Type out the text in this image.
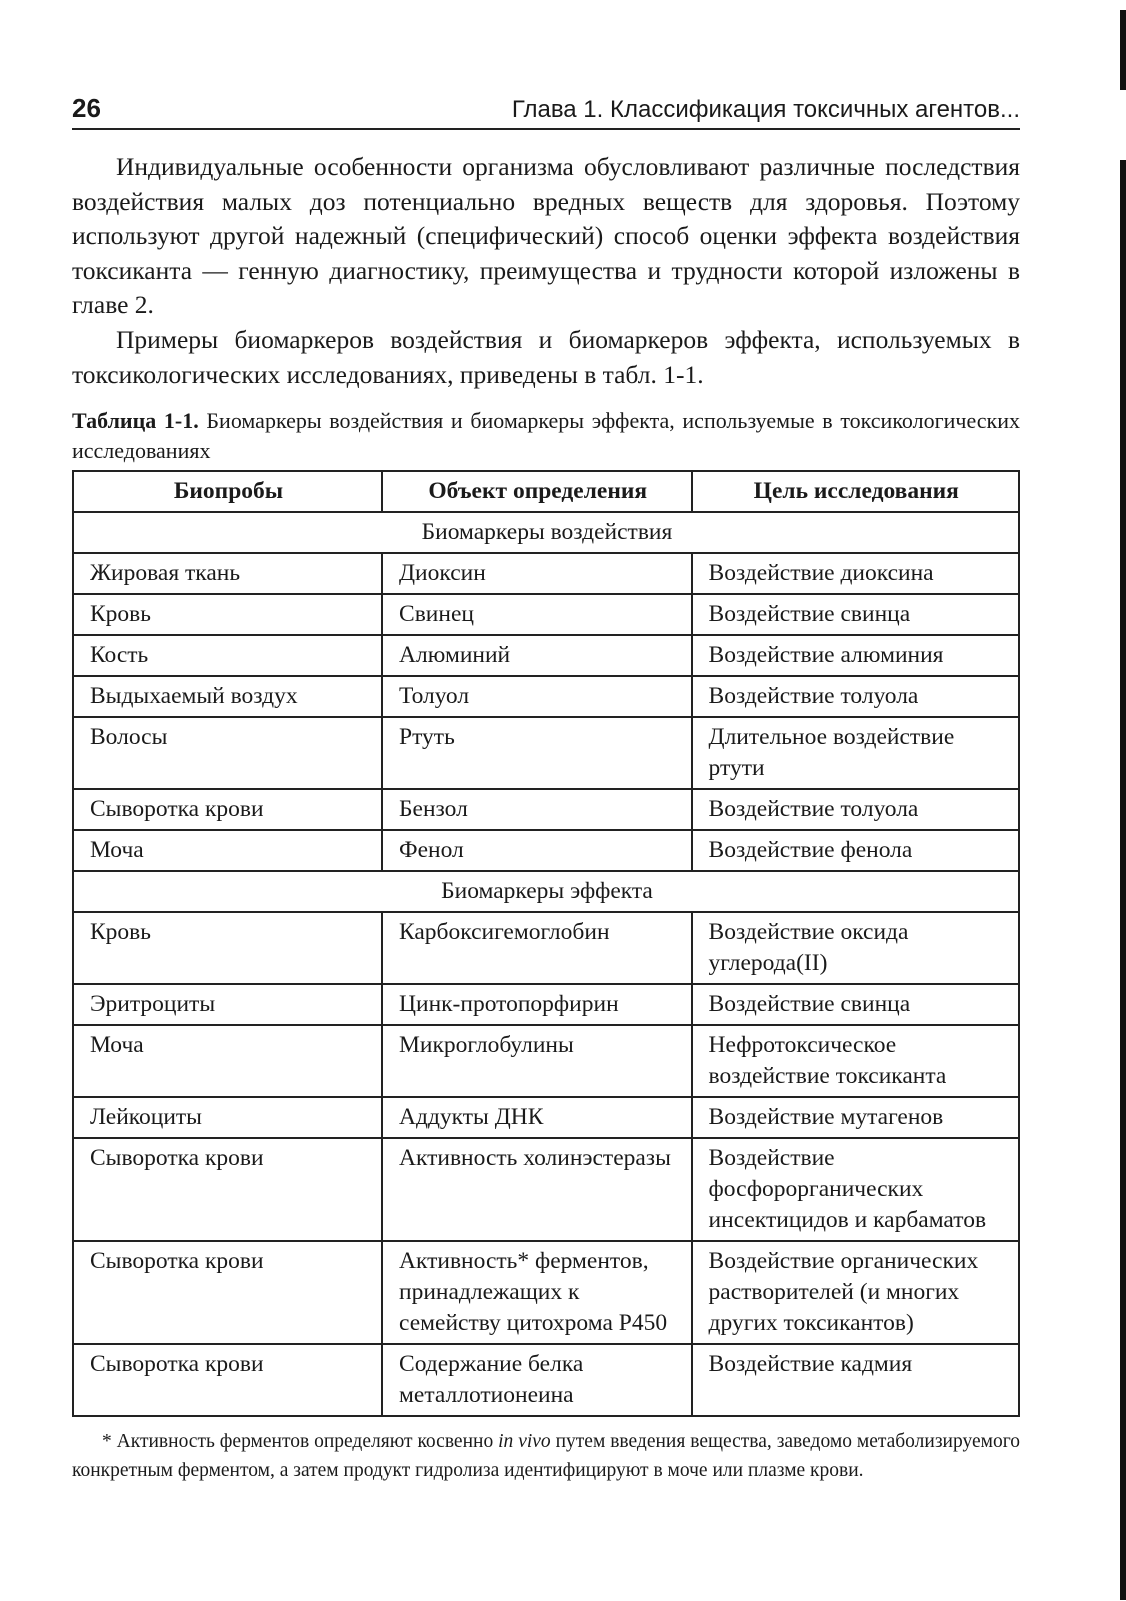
26	Глава 1. Классификация токсичных агентов...

Индивидуальные особенности организма обусловливают различные последствия воздействия малых доз потенциально вредных веществ для здоровья. Поэтому используют другой надежный (специфический) способ оценки эффекта воздействия токсиканта — генную диагностику, преимущества и трудности которой изложены в главе 2.

Примеры биомаркеров воздействия и биомаркеров эффекта, используемых в токсикологических исследованиях, приведены в табл. 1-1.

Таблица 1-1. Биомаркеры воздействия и биомаркеры эффекта, используемые в токсикологических исследованиях
Биопробы	Объект определения	Цель исследования
Биомаркеры воздействия		
Жировая ткань	Диоксин	Воздействие диоксина
Кровь	Свинец	Воздействие свинца
Кость	Алюминий	Воздействие алюминия
Выдыхаемый воздух	Толуол	Воздействие толуола
Волосы	Ртуть	Длительное воздействие ртути
Сыворотка крови	Бензол	Воздействие толуола
Моча	Фенол	Воздействие фенола
Биомаркеры эффекта		
Кровь	Карбоксигемоглобин	Воздействие оксида углерода(II)
Эритроциты	Цинк-протопорфирин	Воздействие свинца
Моча	Микроглобулины	Нефротоксическое воздействие токсиканта
Лейкоциты	Аддукты ДНК	Воздействие мутагенов
Сыворотка крови	Активность холинэстеразы	Воздействие фосфорорганических инсектицидов и карбаматов
Сыворотка крови	Активность* ферментов, принадлежащих к семейству цитохрома Р450	Воздействие органических растворителей (и многих других токсикантов)
Сыворотка крови	Содержание белка металлотионеина	Воздействие кадмия

* Активность ферментов определяют косвенно in vivo путем введения вещества, заведомо метаболизируемого конкретным ферментом, а затем продукт гидролиза идентифицируют в моче или плазме крови.
